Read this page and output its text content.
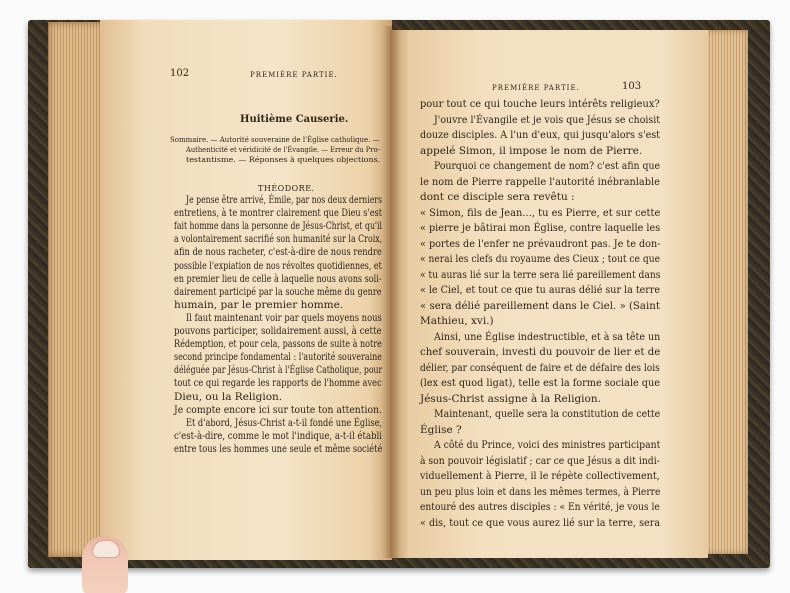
102	PREMIÈRE PARTIE.
Huitième Causerie.
Sommaire. — Autorité souveraine de l'Église catholique. —
Authenticité et véridicité de l'Évangile. — Erreur du Pro-
testantisme. — Réponses à quelques objections.
THÉODORE.
Je pense être arrivé, Émile, par nos deux derniers
entretiens, à te montrer clairement que Dieu s'est
fait homme dans la personne de Jésus-Christ, et qu'il
a volontairement sacrifié son humanité sur la Croix,
afin de nous racheter, c'est-à-dire de nous rendre
possible l'expiation de nos révoltes quotidiennes, et
en premier lieu de celle à laquelle nous avons soli-
dairement participé par la souche même du genre
humain, par le premier homme.
Il faut maintenant voir par quels moyens nous
pouvons participer, solidairement aussi, à cette
Rédemption, et pour cela, passons de suite à notre
second principe fondamental : l'autorité souveraine
déléguée par Jésus-Christ à l'Église Catholique, pour
tout ce qui regarde les rapports de l'homme avec
Dieu, ou la Religion.
Je compte encore ici sur toute ton attention.
Et d'abord, Jésus-Christ a-t-il fondé une Église,
c'est-à-dire, comme le mot l'indique, a-t-il établi
entre tous les hommes une seule et même société
PREMIÈRE PARTIE.	103
pour tout ce qui touche leurs intérêts religieux?
J'ouvre l'Évangile et je vois que Jésus se choisit
douze disciples. A l'un d'eux, qui jusqu'alors s'est
appelé Simon, il impose le nom de Pierre.
Pourquoi ce changement de nom? c'est afin que
le nom de Pierre rappelle l'autorité inébranlable
dont ce disciple sera revêtu :
« Simon, fils de Jean..., tu es Pierre, et sur cette
« pierre je bâtirai mon Église, contre laquelle les
« portes de l'enfer ne prévaudront pas. Je te don-
« nerai les clefs du royaume des Cieux ; tout ce que
« tu auras lié sur la terre sera lié pareillement dans
« le Ciel, et tout ce que tu auras délié sur la terre
« sera délié pareillement dans le Ciel. » (Saint
Mathieu, xvi.)
Ainsi, une Église indestructible, et à sa tête un
chef souverain, investi du pouvoir de lier et de
délier, par conséquent de faire et de défaire des lois
(lex est quod ligat), telle est la forme sociale que
Jésus-Christ assigne à la Religion.
Maintenant, quelle sera la constitution de cette
Église ?
A côté du Prince, voici des ministres participant
à son pouvoir législatif ; car ce que Jésus a dit indi-
viduellement à Pierre, il le répète collectivement,
un peu plus loin et dans les mêmes termes, à Pierre
entouré des autres disciples : « En vérité, je vous le
« dis, tout ce que vous aurez lié sur la terre, sera
